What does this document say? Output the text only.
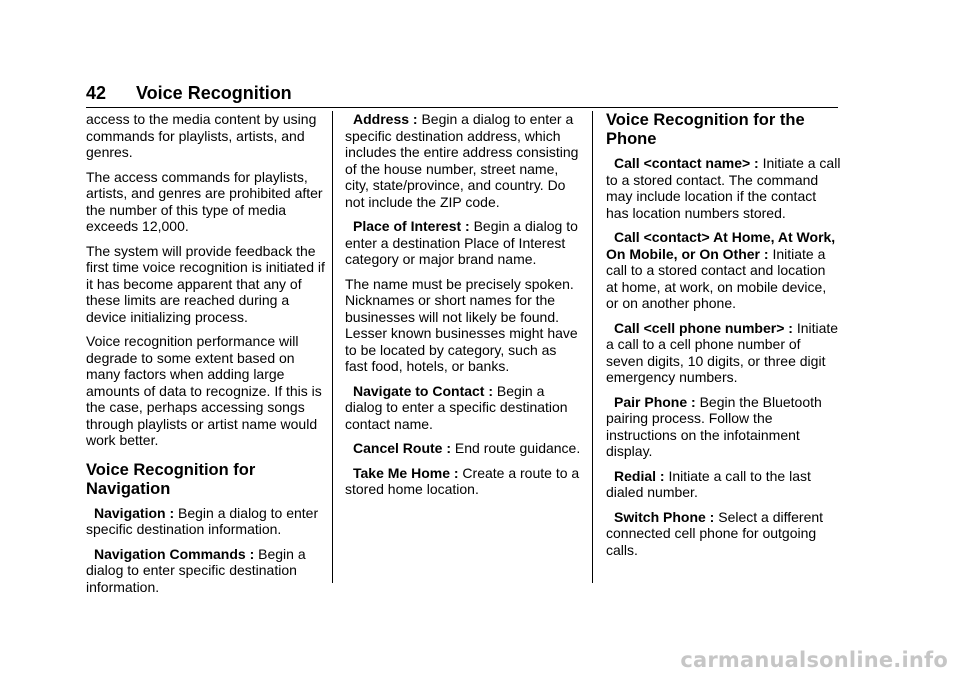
42 Voice Recognition

access to the media content by using commands for playlists, artists, and genres.

The access commands for playlists, artists, and genres are prohibited after the number of this type of media exceeds 12,000.

The system will provide feedback the first time voice recognition is initiated if it has become apparent that any of these limits are reached during a device initializing process.

Voice recognition performance will degrade to some extent based on many factors when adding large amounts of data to recognize. If this is the case, perhaps accessing songs through playlists or artist name would work better.

Voice Recognition for Navigation

Navigation : Begin a dialog to enter specific destination information.

Navigation Commands : Begin a dialog to enter specific destination information.

Address : Begin a dialog to enter a specific destination address, which includes the entire address consisting of the house number, street name, city, state/province, and country. Do not include the ZIP code.

Place of Interest : Begin a dialog to enter a destination Place of Interest category or major brand name.

The name must be precisely spoken. Nicknames or short names for the businesses will not likely be found. Lesser known businesses might have to be located by category, such as fast food, hotels, or banks.

Navigate to Contact : Begin a dialog to enter a specific destination contact name.

Cancel Route : End route guidance.

Take Me Home : Create a route to a stored home location.

Voice Recognition for the Phone

Call <contact name> : Initiate a call to a stored contact. The command may include location if the contact has location numbers stored.

Call <contact> At Home, At Work, On Mobile, or On Other : Initiate a call to a stored contact and location at home, at work, on mobile device, or on another phone.

Call <cell phone number> : Initiate a call to a cell phone number of seven digits, 10 digits, or three digit emergency numbers.

Pair Phone : Begin the Bluetooth pairing process. Follow the instructions on the infotainment display.

Redial : Initiate a call to the last dialed number.

Switch Phone : Select a different connected cell phone for outgoing calls.

carmanualsonline.info
